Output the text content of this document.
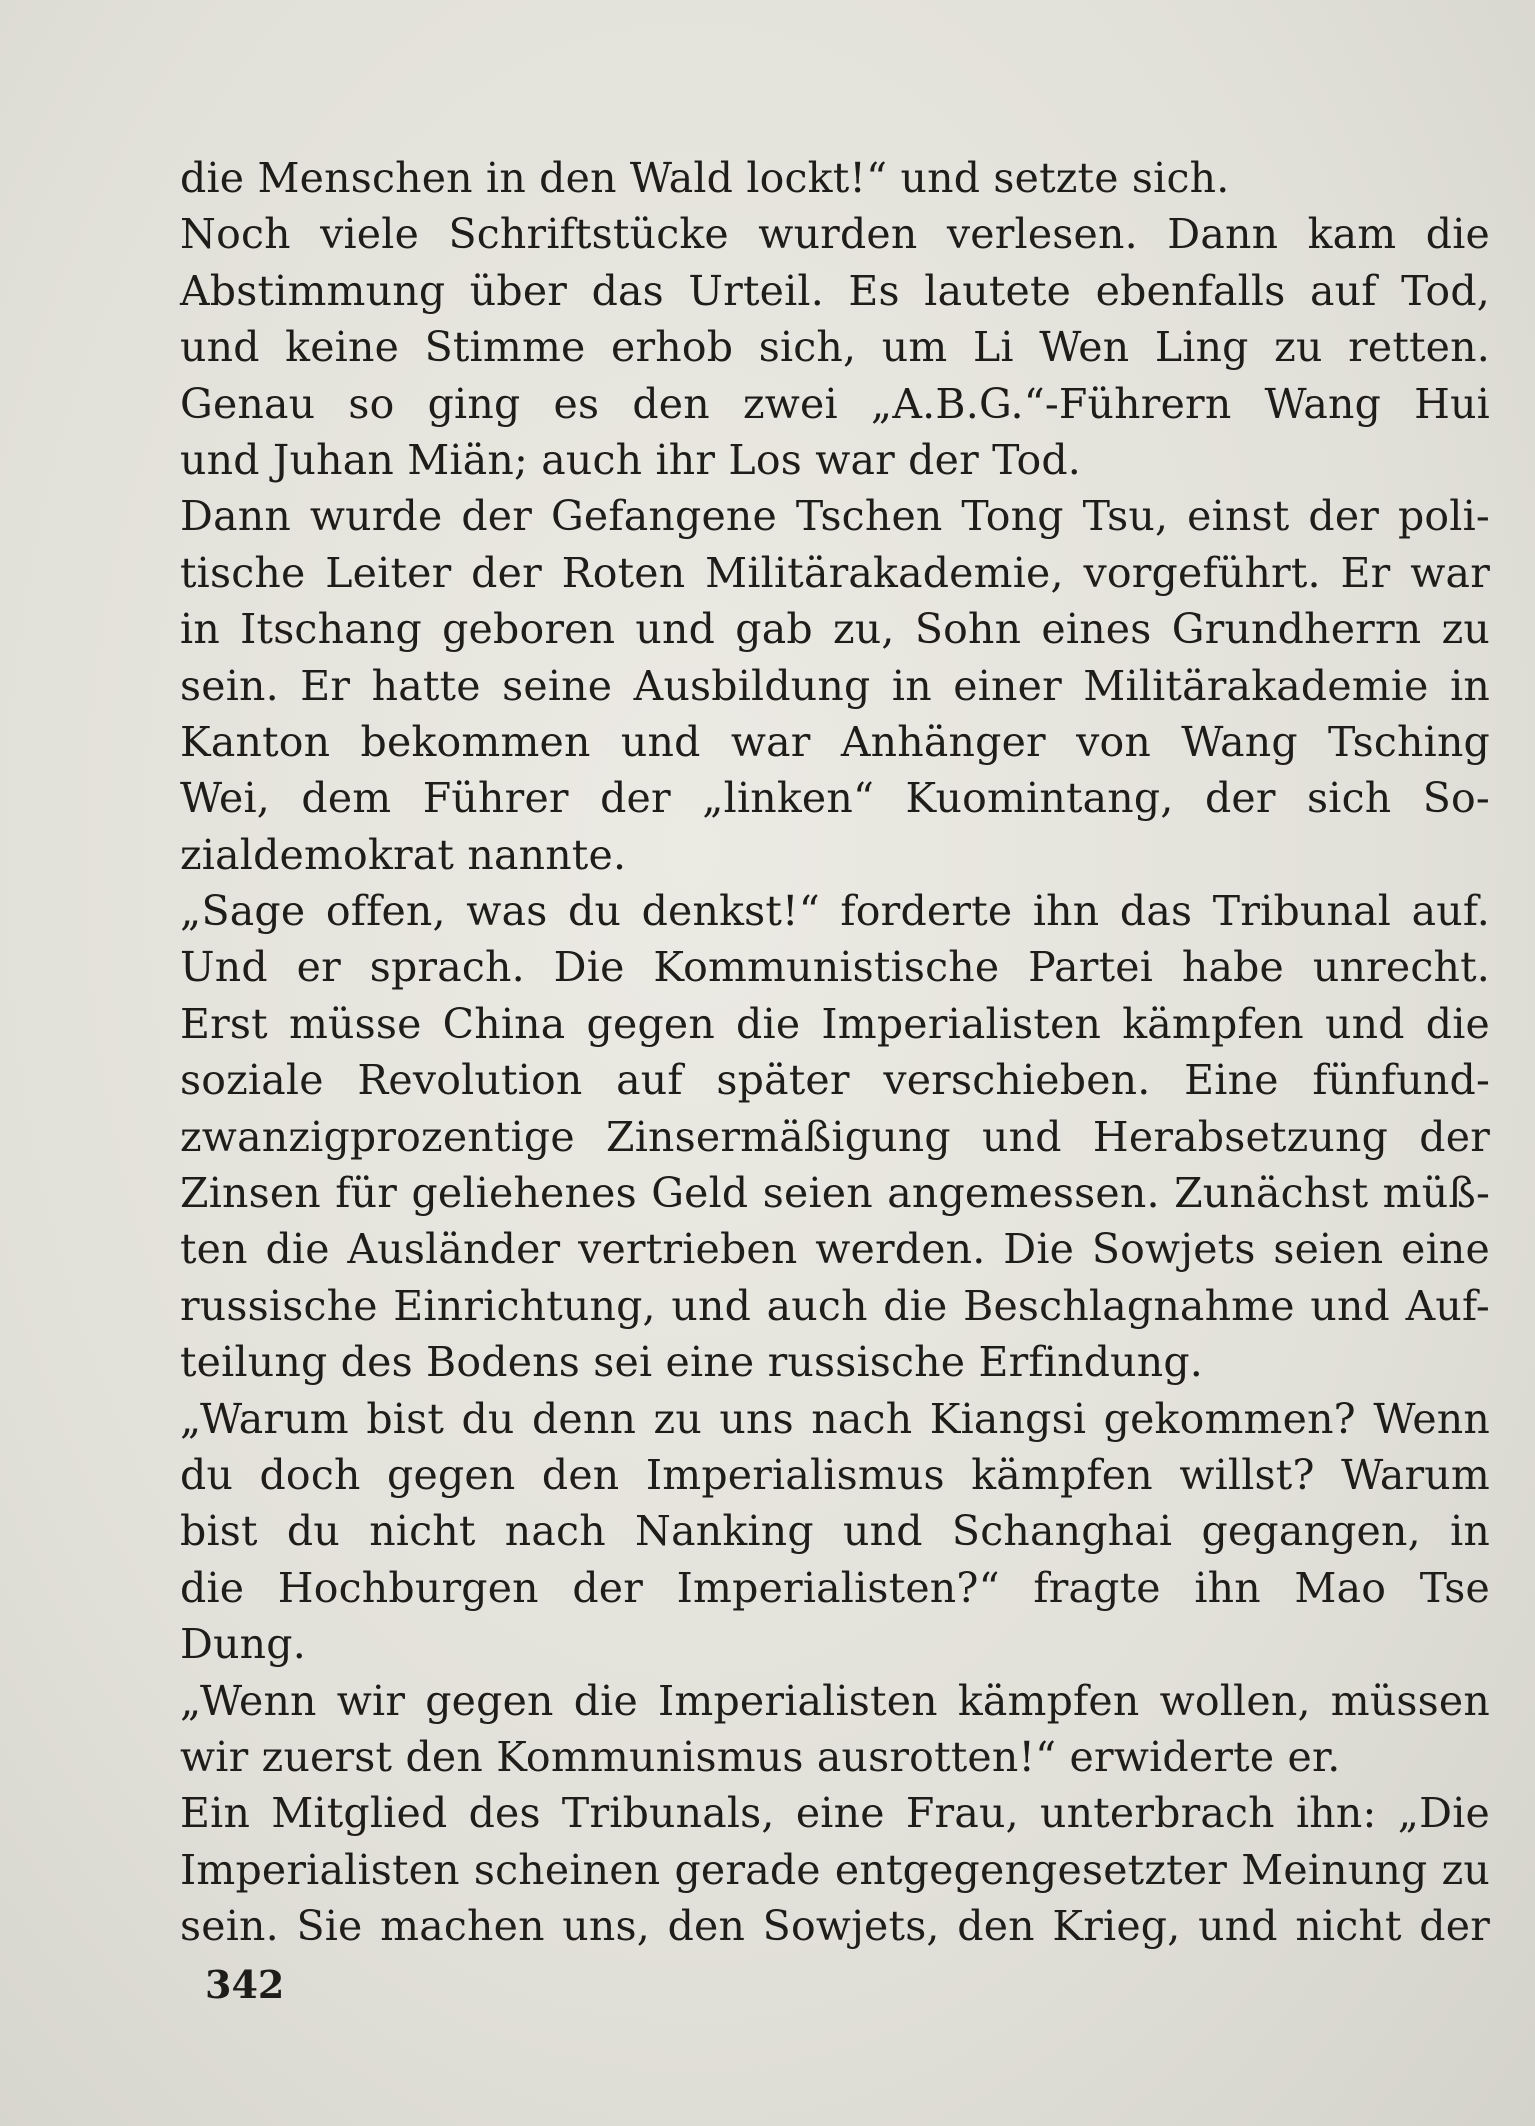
die Menschen in den Wald lockt!“ und setzte sich.
Noch viele Schriftstücke wurden verlesen. Dann kam die
Abstimmung über das Urteil. Es lautete ebenfalls auf Tod,
und keine Stimme erhob sich, um Li Wen Ling zu retten.
Genau so ging es den zwei „A.B.G.“-Führern Wang Hui
und Juhan Miän; auch ihr Los war der Tod.
Dann wurde der Gefangene Tschen Tong Tsu, einst der poli-
tische Leiter der Roten Militärakademie, vorgeführt. Er war
in Itschang geboren und gab zu, Sohn eines Grundherrn zu
sein. Er hatte seine Ausbildung in einer Militärakademie in
Kanton bekommen und war Anhänger von Wang Tsching
Wei, dem Führer der „linken“ Kuomintang, der sich So-
zialdemokrat nannte.
„Sage offen, was du denkst!“ forderte ihn das Tribunal auf.
Und er sprach. Die Kommunistische Partei habe unrecht.
Erst müsse China gegen die Imperialisten kämpfen und die
soziale Revolution auf später verschieben. Eine fünfund-
zwanzigprozentige Zinsermäßigung und Herabsetzung der
Zinsen für geliehenes Geld seien angemessen. Zunächst müß-
ten die Ausländer vertrieben werden. Die Sowjets seien eine
russische Einrichtung, und auch die Beschlagnahme und Auf-
teilung des Bodens sei eine russische Erfindung.
„Warum bist du denn zu uns nach Kiangsi gekommen? Wenn
du doch gegen den Imperialismus kämpfen willst? Warum
bist du nicht nach Nanking und Schanghai gegangen, in
die Hochburgen der Imperialisten?“ fragte ihn Mao Tse
Dung.
„Wenn wir gegen die Imperialisten kämpfen wollen, müssen
wir zuerst den Kommunismus ausrotten!“ erwiderte er.
Ein Mitglied des Tribunals, eine Frau, unterbrach ihn: „Die
Imperialisten scheinen gerade entgegengesetzter Meinung zu
sein. Sie machen uns, den Sowjets, den Krieg, und nicht der
342
